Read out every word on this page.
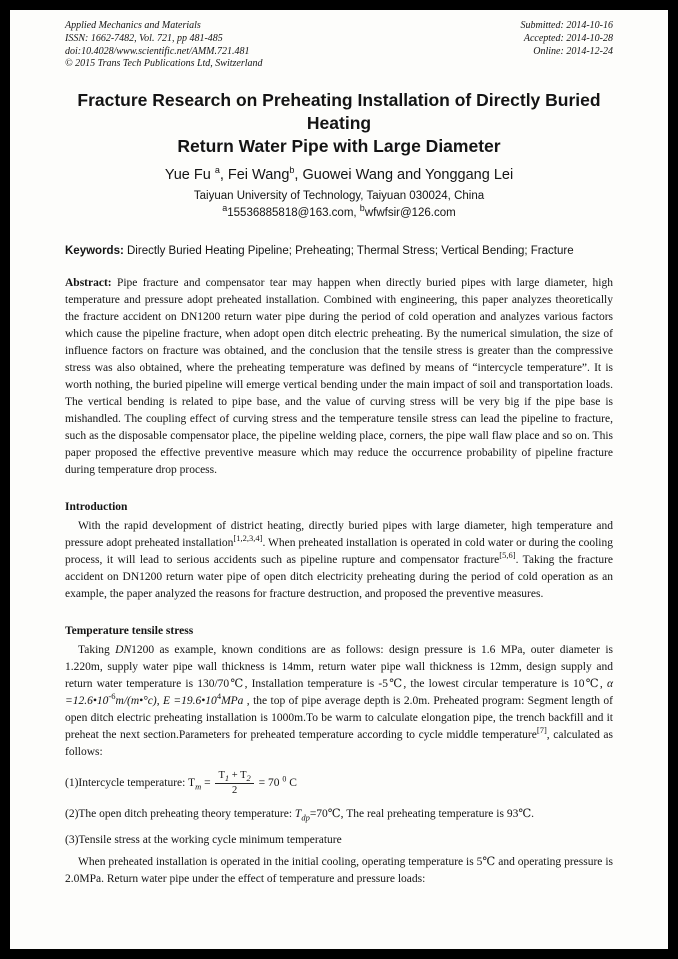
Applied Mechanics and Materials
ISSN: 1662-7482, Vol. 721, pp 481-485
doi:10.4028/www.scientific.net/AMM.721.481
© 2015 Trans Tech Publications Ltd, Switzerland
Submitted: 2014-10-16
Accepted: 2014-10-28
Online: 2014-12-24
Fracture Research on Preheating Installation of Directly Buried Heating
Return Water Pipe with Large Diameter
Yue Fu $^a$, Fei Wang$^b$, Guowei Wang and Yonggang Lei
Taiyuan University of Technology, Taiyuan 030024, China
$^a$15536885818@163.com, $^b$wfwfsir@126.com

Keywords: Directly Buried Heating Pipeline; Preheating; Thermal Stress; Vertical Bending; Fracture

Abstract: Pipe fracture and compensator tear may happen when directly buried pipes with large diameter, high temperature and pressure adopt preheated installation. Combined with engineering, this paper analyzes theoretically the fracture accident on DN1200 return water pipe during the period of cold operation and analyzes various factors which cause the pipeline fracture, when adopt open ditch electric preheating. By the numerical simulation, the size of influence factors on fracture was obtained, and the conclusion that the tensile stress is greater than the compressive stress was also obtained, where the preheating temperature was defined by means of “intercycle temperature”. It is worth nothing, the buried pipeline will emerge vertical bending under the main impact of soil and transportation loads. The vertical bending is related to pipe base, and the value of curving stress will be very big if the pipe base is mishandled. The coupling effect of curving stress and the temperature tensile stress can lead the pipeline to fracture, such as the disposable compensator place, the pipeline welding place, corners, the pipe wall flaw place and so on. This paper proposed the effective preventive measure which may reduce the occurrence probability of pipeline fracture during temperature drop process.

Introduction

With the rapid development of district heating, directly buried pipes with large diameter, high temperature and pressure adopt preheated installation[1,2,3,4]. When preheated installation is operated in cold water or during the cooling process, it will lead to serious accidents such as pipeline rupture and compensator fracture[5,6]. Taking the fracture accident on DN1200 return water pipe of open ditch electricity preheating during the period of cold operation as an example, the paper analyzed the reasons for fracture destruction, and proposed the preventive measures.

Temperature tensile stress

Taking DN1200 as example, known conditions are as follows: design pressure is 1.6 MPa, outer diameter is 1.220m, supply water pipe wall thickness is 14mm, return water pipe wall thickness is 12mm, design supply and return water temperature is 130/70℃, Installation temperature is -5℃, the lowest circular temperature is 10℃, $\alpha =12.6•10^{-6}m/(m•^\circ c)$, $E =19.6•10^4MPa$ , the top of pipe average depth is 2.0m. Preheated program: Segment length of open ditch electric preheating installation is 1000m.To be warm to calculate elongation pipe, the trench backfill and it preheat the next section.Parameters for preheated temperature according to cycle middle temperature[7], calculated as follows:

(1)Intercycle temperature: $T_m = \frac{T_1 + T_2}{2} = 70$ $^0$ C
(2)The open ditch preheating theory temperature: $T_{dp}=70℃$, The real preheating temperature is 93℃.
(3)Tensile stress at the working cycle minimum temperature

When preheated installation is operated in the initial cooling, operating temperature is 5℃ and operating pressure is 2.0MPa. Return water pipe under the effect of temperature and pressure loads:
